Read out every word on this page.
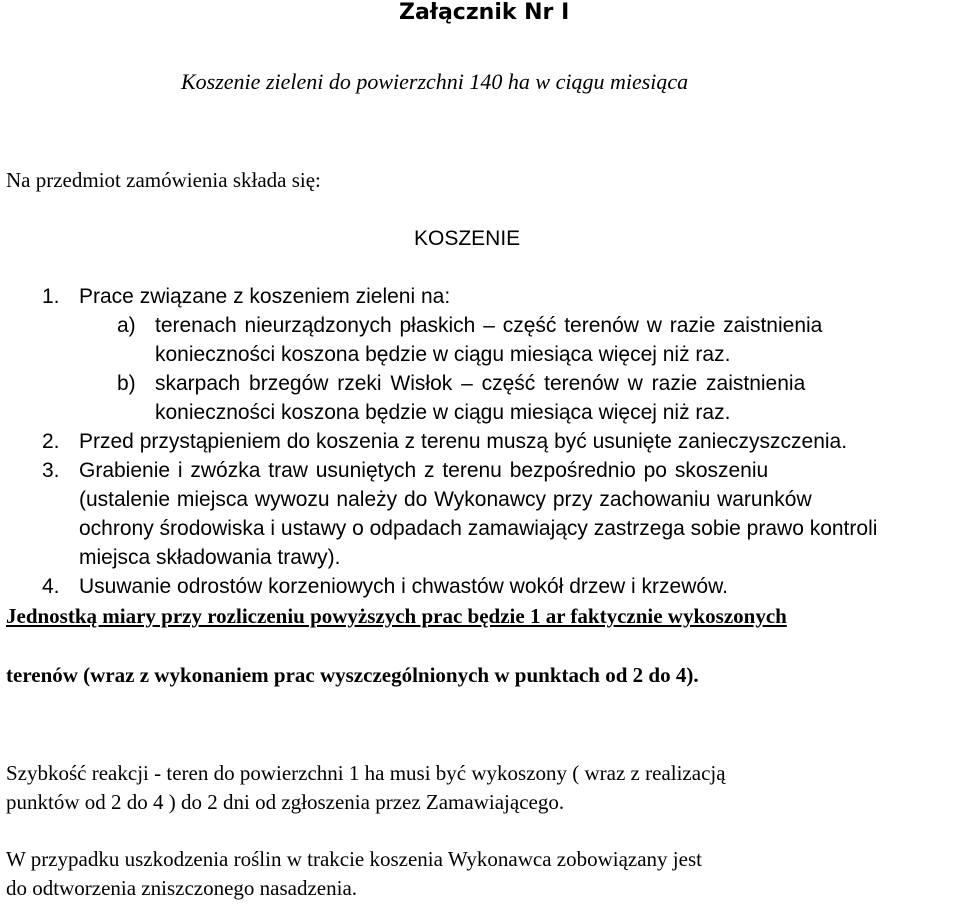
Załącznik Nr I
Koszenie zieleni do powierzchni 140 ha w ciągu miesiąca
Na przedmiot zamówienia składa się:
KOSZENIE
1. Prace związane z koszeniem zieleni na:
a) terenach nieurządzonych płaskich – część terenów w razie zaistnienia
konieczności koszona będzie w ciągu miesiąca więcej niż raz.
b) skarpach brzegów rzeki Wisłok – część terenów w razie zaistnienia
konieczności koszona będzie w ciągu miesiąca więcej niż raz.
2. Przed przystąpieniem do koszenia z terenu muszą być usunięte zanieczyszczenia.
3. Grabienie i zwózka traw usuniętych z terenu bezpośrednio po skoszeniu
(ustalenie miejsca wywozu należy do Wykonawcy przy zachowaniu warunków
ochrony środowiska i ustawy o odpadach zamawiający zastrzega sobie prawo kontroli
miejsca składowania trawy).
4. Usuwanie odrostów korzeniowych i chwastów wokół drzew i krzewów.
Jednostką miary przy rozliczeniu powyższych prac będzie 1 ar faktycznie wykoszonych
terenów (wraz z wykonaniem prac wyszczególnionych w punktach od 2 do 4).
Szybkość reakcji - teren do powierzchni 1 ha musi być wykoszony ( wraz z realizacją
punktów od 2 do 4 ) do 2 dni od zgłoszenia przez Zamawiającego.
W przypadku uszkodzenia roślin w trakcie koszenia Wykonawca zobowiązany jest
do odtworzenia zniszczonego nasadzenia.
